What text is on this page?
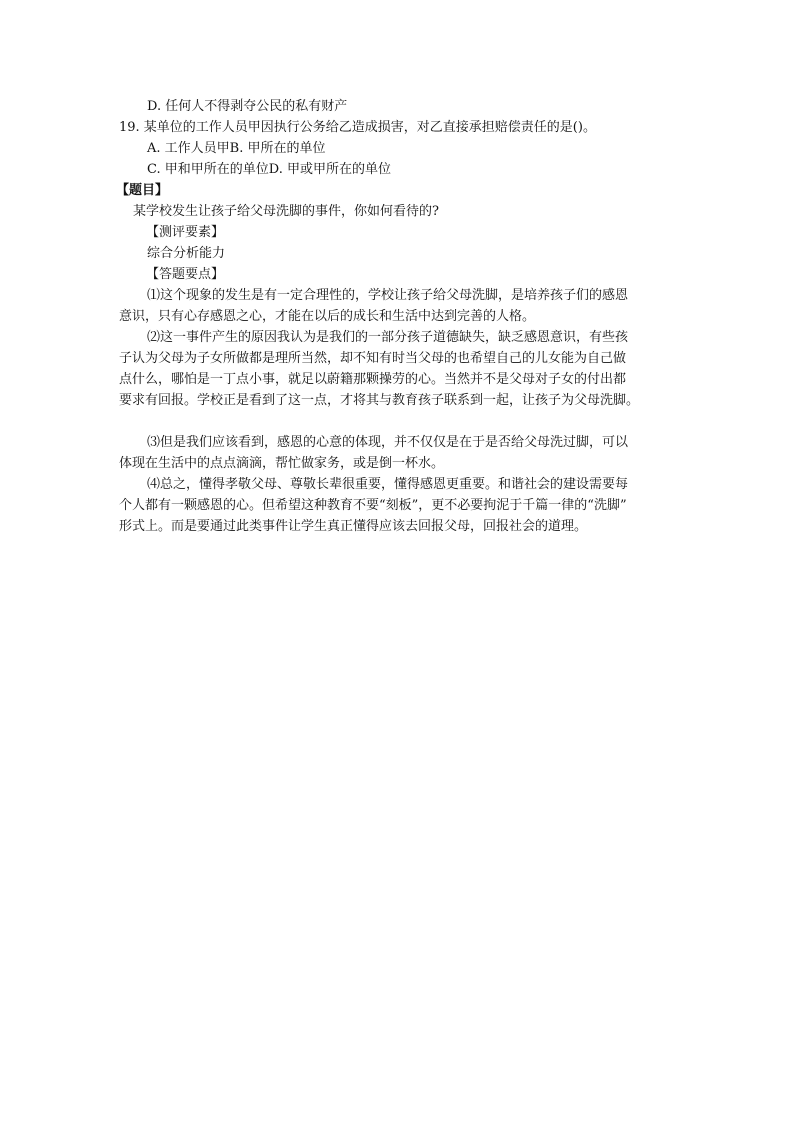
D. 任何人不得剥夺公民的私有财产
19. 某单位的工作人员甲因执行公务给乙造成损害，对乙直接承担赔偿责任的是()。
A. 工作人员甲B. 甲所在的单位
C. 甲和甲所在的单位D. 甲或甲所在的单位
【题目】
某学校发生让孩子给父母洗脚的事件，你如何看待的?
【测评要素】
综合分析能力
【答题要点】
⑴这个现象的发生是有一定合理性的，学校让孩子给父母洗脚，是培养孩子们的感恩
意识，只有心存感恩之心，才能在以后的成长和生活中达到完善的人格。
⑵这一事件产生的原因我认为是我们的一部分孩子道德缺失，缺乏感恩意识，有些孩
子认为父母为子女所做都是理所当然，却不知有时当父母的也希望自己的儿女能为自己做
点什么，哪怕是一丁点小事，就足以蔚籍那颗操劳的心。当然并不是父母对子女的付出都
要求有回报。学校正是看到了这一点，才将其与教育孩子联系到一起，让孩子为父母洗脚。
⑶但是我们应该看到，感恩的心意的体现，并不仅仅是在于是否给父母洗过脚，可以
体现在生活中的点点滴滴，帮忙做家务，或是倒一杯水。
⑷总之，懂得孝敬父母、尊敬长辈很重要，懂得感恩更重要。和谐社会的建设需要每
个人都有一颗感恩的心。但希望这种教育不要“刻板”，更不必要拘泥于千篇一律的“洗脚”
形式上。而是要通过此类事件让学生真正懂得应该去回报父母，回报社会的道理。
